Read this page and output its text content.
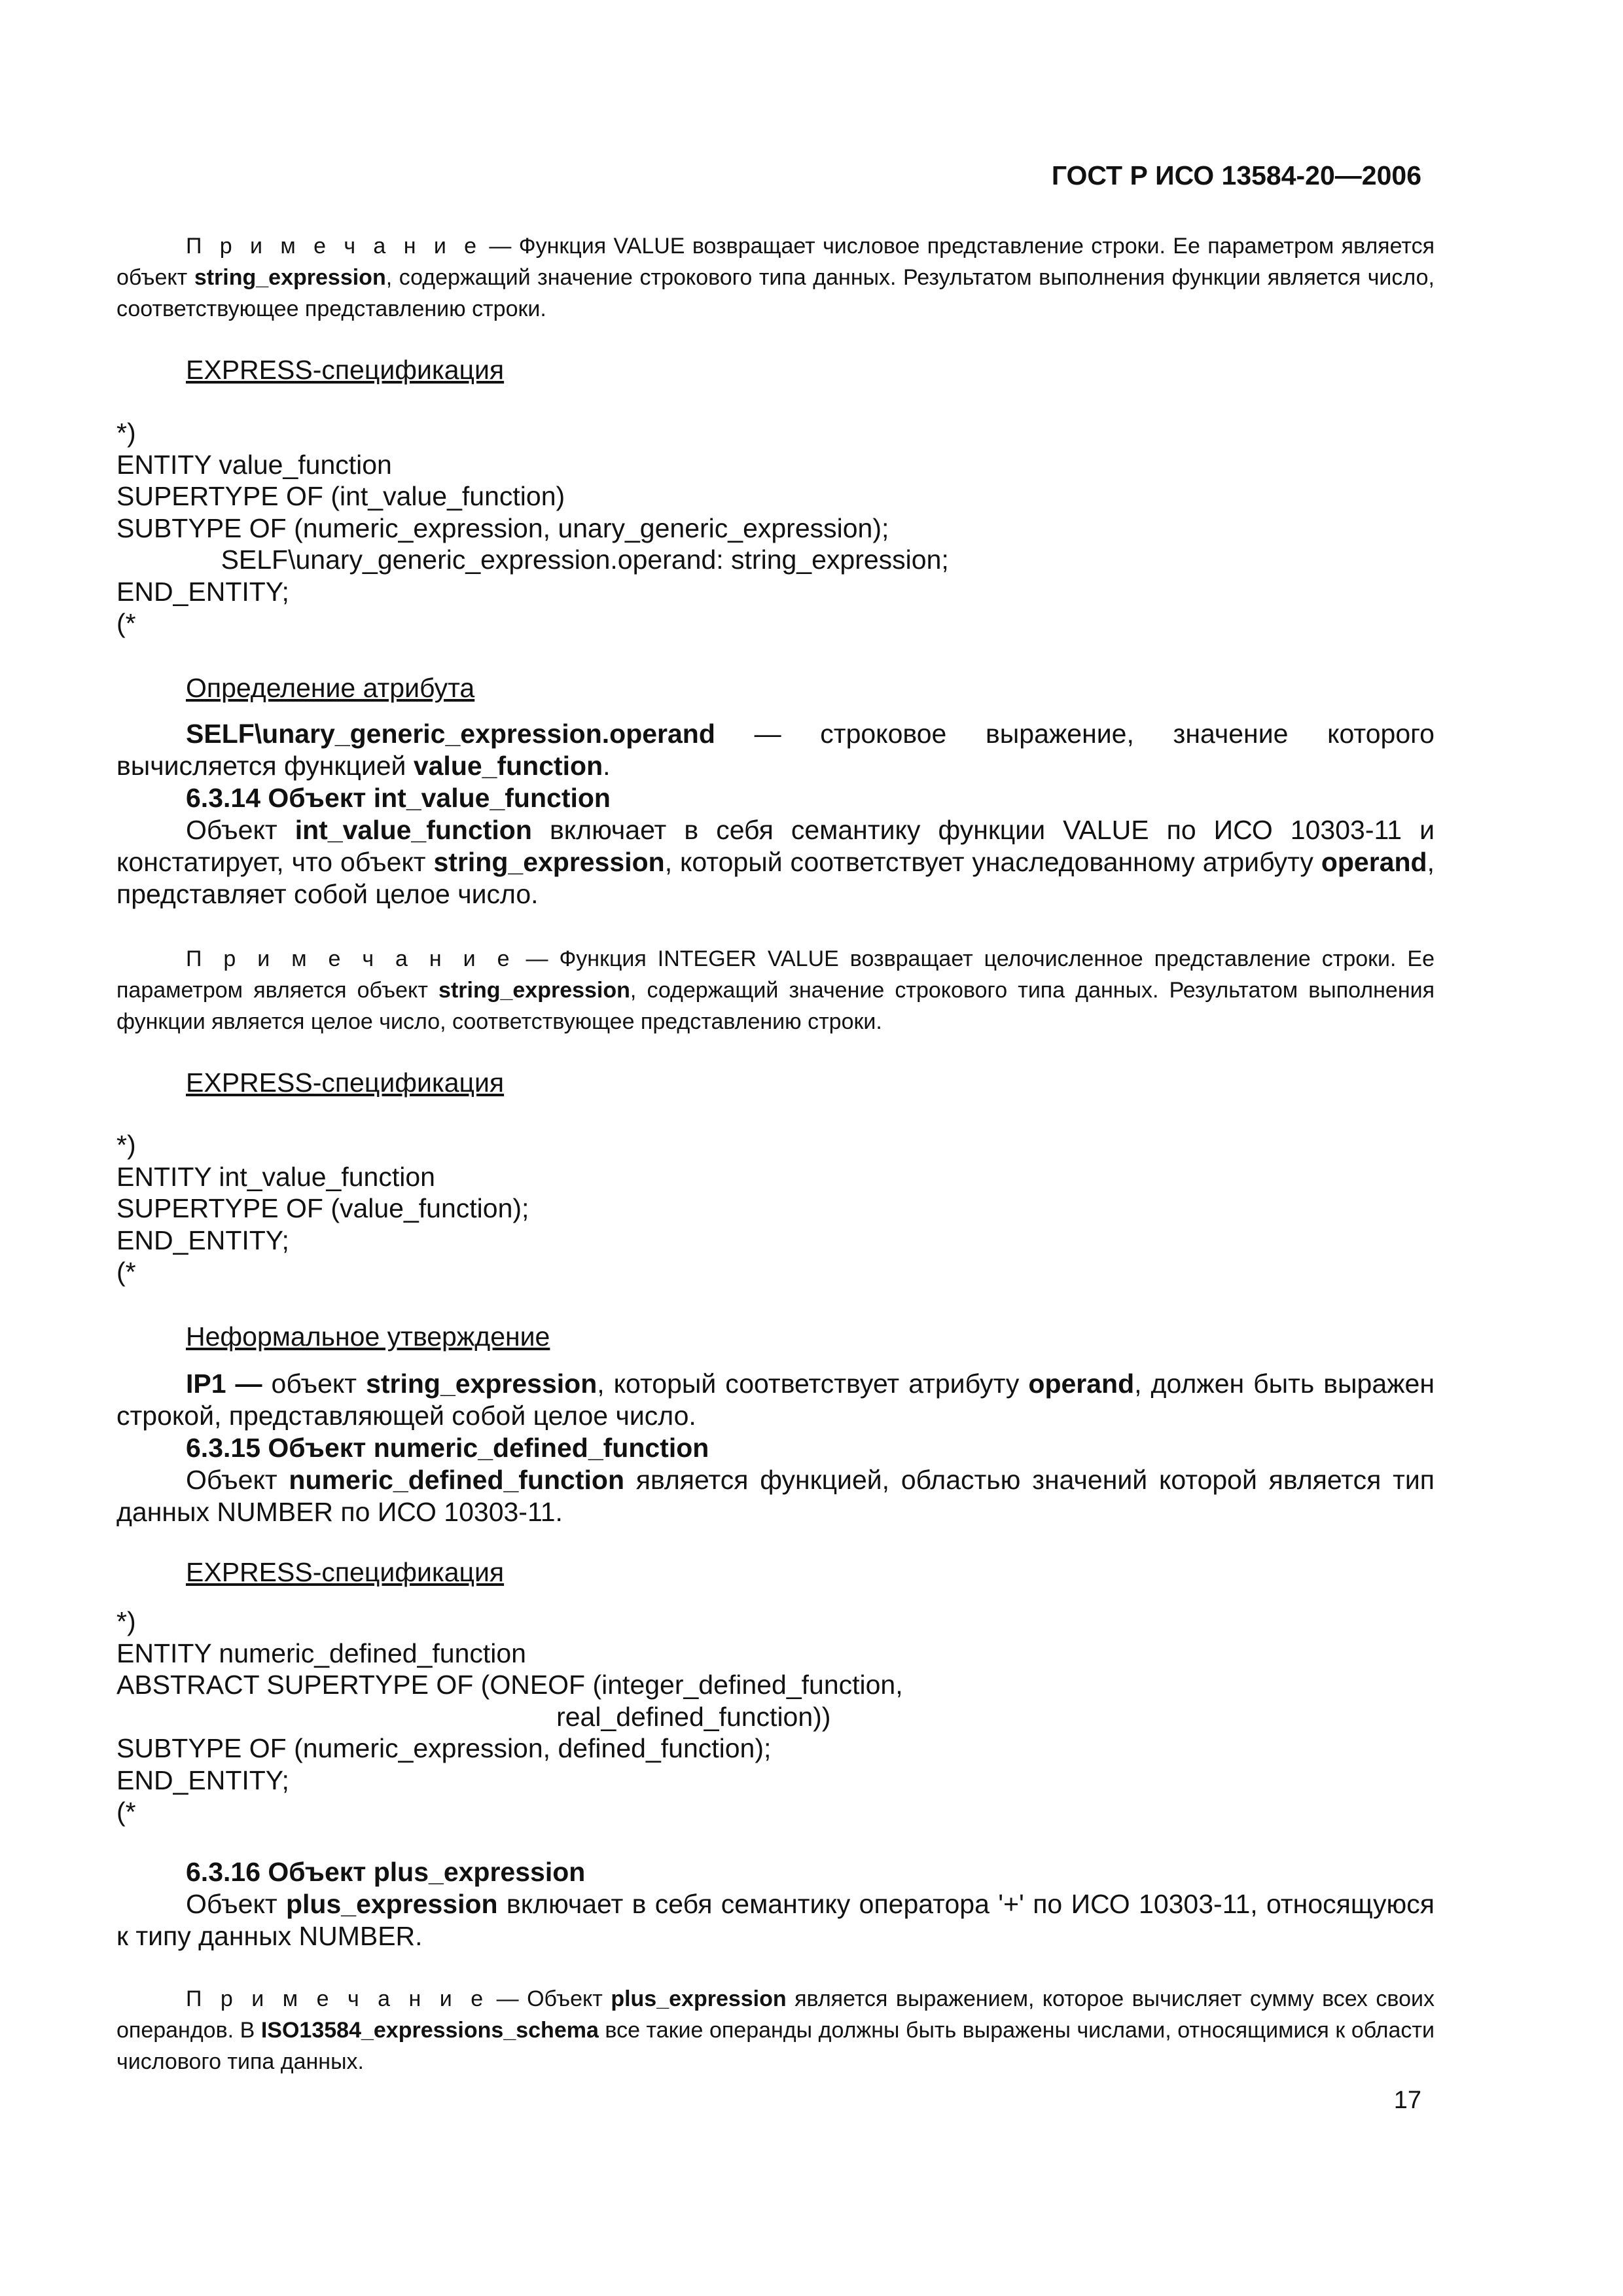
ГОСТ Р ИСО 13584-20—2006
П р и м е ч а н и е — Функция VALUE возвращает числовое представление строки. Ее параметром является объект string_expression, содержащий значение строкового типа данных. Результатом выполнения функции является число, соответствующее представлению строки.
EXPRESS-спецификация
*)
ENTITY value_function
SUPERTYPE OF (int_value_function)
SUBTYPE OF (numeric_expression, unary_generic_expression);
SELF\unary_generic_expression.operand: string_expression;
END_ENTITY;
(*
Определение атрибута
SELF\unary_generic_expression.operand — строковое выражение, значение которого вычисляется функцией value_function.
6.3.14 Объект int_value_function
Объект int_value_function включает в себя семантику функции VALUE по ИСО 10303-11 и констатирует, что объект string_expression, который соответствует унаследованному атрибуту operand, представляет собой целое число.
П р и м е ч а н и е — Функция INTEGER VALUE возвращает целочисленное представление строки. Ее параметром является объект string_expression, содержащий значение строкового типа данных. Результатом выполнения функции является целое число, соответствующее представлению строки.
EXPRESS-спецификация
*)
ENTITY int_value_function
SUPERTYPE OF (value_function);
END_ENTITY;
(*
Неформальное утверждение
IP1 — объект string_expression, который соответствует атрибуту operand, должен быть выражен строкой, представляющей собой целое число.
6.3.15 Объект numeric_defined_function
Объект numeric_defined_function является функцией, областью значений которой является тип данных NUMBER по ИСО 10303-11.
EXPRESS-спецификация
*)
ENTITY numeric_defined_function
ABSTRACT SUPERTYPE OF (ONEOF (integer_defined_function,
real_defined_function))
SUBTYPE OF (numeric_expression, defined_function);
END_ENTITY;
(*
6.3.16 Объект plus_expression
Объект plus_expression включает в себя семантику оператора '+' по ИСО 10303-11, относящуюся к типу данных NUMBER.
П р и м е ч а н и е — Объект plus_expression является выражением, которое вычисляет сумму всех своих операндов. В ISO13584_expressions_schema все такие операнды должны быть выражены числами, относящимися к области числового типа данных.
17
